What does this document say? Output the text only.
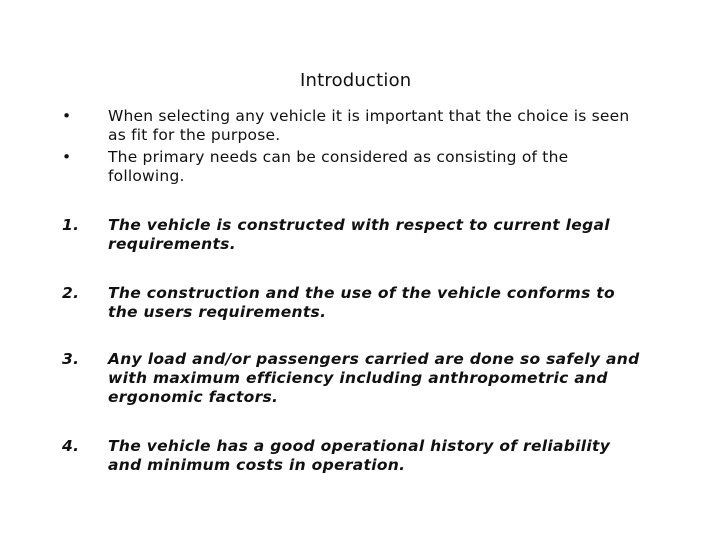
Introduction
•	When selecting any vehicle it is important that the choice is seen as fit for the purpose.
•	The primary needs can be considered as consisting of the following.
1.	The vehicle is constructed with respect to current legal requirements.
2.	The construction and the use of the vehicle conforms to the users requirements.
3.	Any load and/or passengers carried are done so safely and with maximum efficiency including anthropometric and ergonomic factors.
4.	The vehicle has a good operational history of reliability and minimum costs in operation.
